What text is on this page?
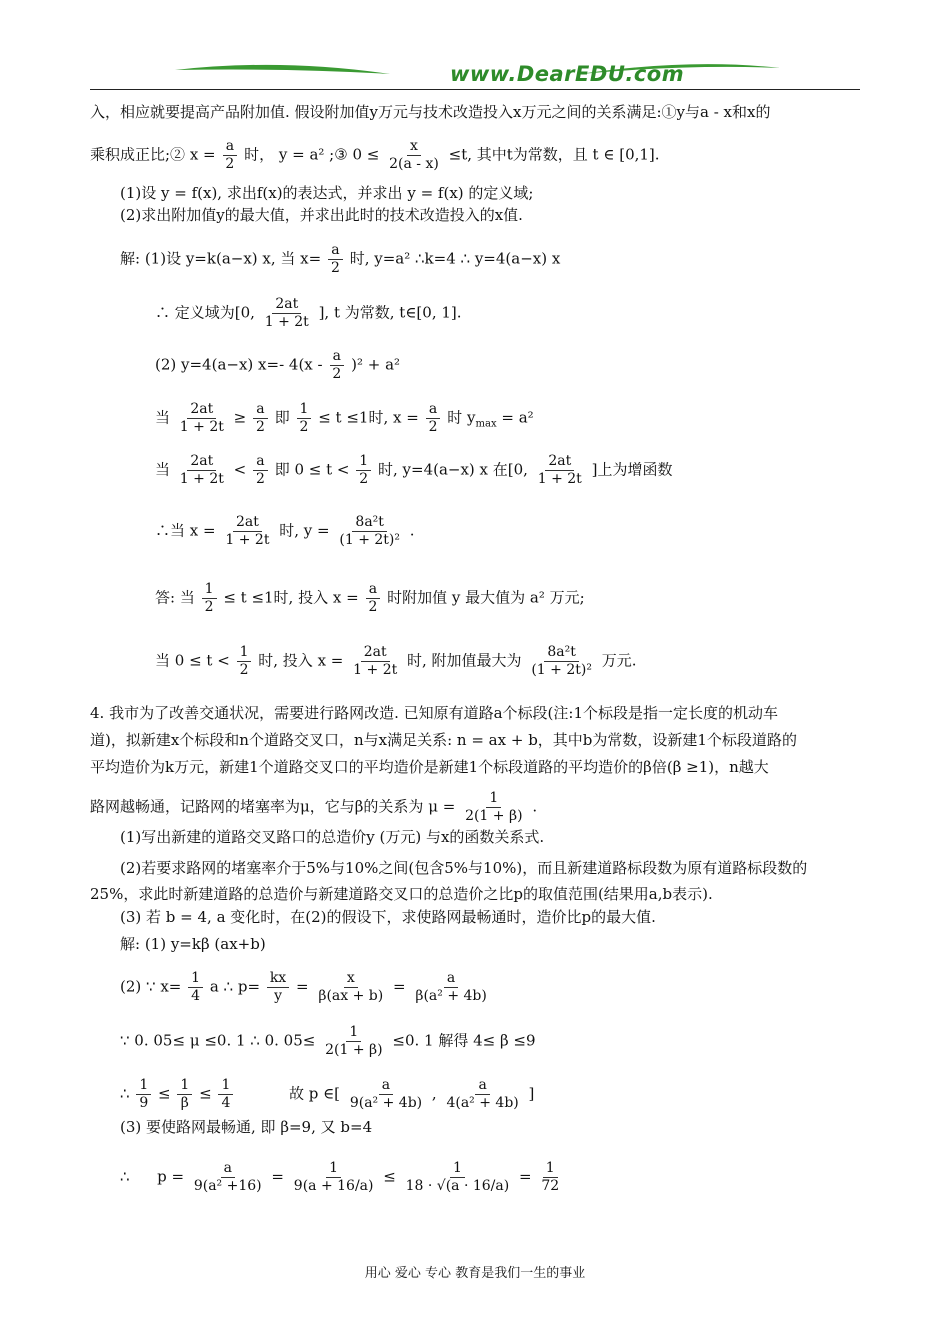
www.DearEDU.com
入，相应就要提高产品附加值. 假设附加值y万元与技术改造投入x万元之间的关系满足:①y与a - x和x的
乘积成正比;② $x = \frac{a}{2}$ 时， y = a² ;③ $0 \le \frac{x}{2(a - x)} \le t$, 其中t为常数，且 t ∈ [0,1].
(1)设 y = f(x), 求出f(x)的表达式，并求出 y = f(x) 的定义域;
(2)求出附加值y的最大值，并求出此时的技术改造投入的x值.
解: (1)设 y=k(a−x) x, 当 $x= \frac{a}{2}$ 时, y=a² ∴k=4 ∴ y=4(a−x) x
∴ 定义域为[0, $\frac{2at}{1 + 2t}$ ], t 为常数, t∈[0, 1].
(2) y=4(a−x) x=- $4(x - \frac{a}{2} )^2 + a^2$
当 $\frac{2at}{1 + 2t} \ge \frac{a}{2}$ 即 $\frac{1}{2} \le t \le 1$时, $x = \frac{a}{2}$ 时 $y_{max} = a^2$
当 $\frac{2at}{1 + 2t} < \frac{a}{2}$ 即 $0 \le t < \frac{1}{2}$ 时, y=4(a−x) x 在[0, $\frac{2at}{1 + 2t}$ ]上为增函数
∴当 $x = \frac{2at}{1 + 2t}$ 时, $y = \frac{\text{8a²t}}{\text{(1 + 2t)²}}$ .
答: 当 $\frac{1}{2} \le t \le 1$时, 投入 $x = \frac{a}{2}$ 时附加值 y 最大值为 a² 万元;
当 $0 \le t < \frac{1}{2}$ 时, 投入 $x = \frac{2at}{1 + 2t}$ 时, 附加值最大为 $\frac{\text{8a²t}}{\text{(1 + 2t)²}}$ 万元.
4. 我市为了改善交通状况，需要进行路网改造. 已知原有道路a个标段(注:1个标段是指一定长度的机动车
道)，拟新建x个标段和n个道路交叉口，n与x满足关系: n = ax + b，其中b为常数，设新建1个标段道路的
平均造价为k万元，新建1个道路交叉口的平均造价是新建1个标段道路的平均造价的β倍(β ≥1)，n越大
路网越畅通，记路网的堵塞率为μ，它与β的关系为 $\mu = \frac{1}{2(1 + \beta)}$ .
(1)写出新建的道路交叉路口的总造价y (万元) 与x的函数关系式.
(2)若要求路网的堵塞率介于5%与10%之间(包含5%与10%)，而且新建道路标段数为原有道路标段数的
25%，求此时新建道路的总造价与新建道路交叉口的总造价之比p的取值范围(结果用a,b表示).
(3) 若 b = 4, a 变化时，在(2)的假设下，求使路网最畅通时，造价比p的最大值.
解: (1) y=kβ (ax+b)
(2) ∵ $x= \frac{1}{4}$ a ∴ $p= \frac{kx}{y} = \frac{x}{\beta(ax + b)} = \frac{a}{\text{β(a² + 4b)}}$
∵ 0. 05≤ μ ≤0. 1 ∴ 0. $05\le \frac{1}{2(1 + \beta)} \le 0$. 1 解得 4≤ β ≤9
∴ $\frac{1}{9} \le \frac{1}{\beta} \le \frac{1}{4}$	故 p ∈[ $\frac{a}{\text{9(a² + 4b)}}$ , $\frac{a}{\text{4(a² + 4b)}}$ ]
(3) 要使路网最畅通, 即 β=9, 又 b=4
∴ $p = \frac{a}{\text{9(a² +16)}} = \frac{1}{9(a + 16/a)} \le \frac{1}{18 \cdot √(a \cdot 16/a)} = \frac{1}{72}$
用心 爱心 专心 教育是我们一生的事业
